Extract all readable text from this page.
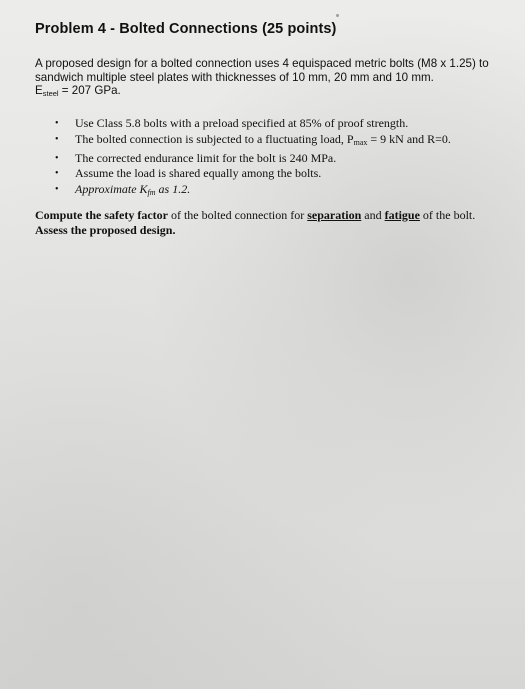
Problem 4 - Bolted Connections (25 points)
A proposed design for a bolted connection uses 4 equispaced metric bolts (M8 x 1.25) to
sandwich multiple steel plates with thicknesses of 10 mm, 20 mm and 10 mm.
Esteel = 207 GPa.
• Use Class 5.8 bolts with a preload specified at 85% of proof strength.
• The bolted connection is subjected to a fluctuating load, Pmax = 9 kN and R=0.
• The corrected endurance limit for the bolt is 240 MPa.
• Assume the load is shared equally among the bolts.
• Approximate Kfm as 1.2.
Compute the safety factor of the bolted connection for separation and fatigue of the bolt.
Assess the proposed design.
